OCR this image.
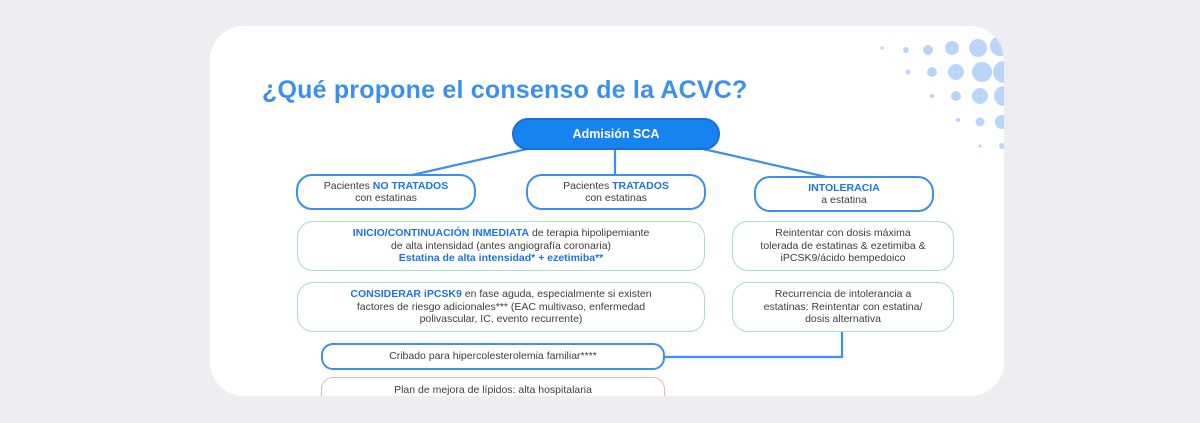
¿Qué propone el consenso de la ACVC?
Admisión SCA
Pacientes NO TRATADOS
con estatinas
Pacientes TRATADOS
con estatinas
INTOLERACIA
a estatina
INICIO/CONTINUACIÓN INMEDIATA de terapia hipolipemiante
de alta intensidad (antes angiografía coronaria)
Estatina de alta intensidad* + ezetimiba**
CONSIDERAR iPCSK9 en fase aguda, especialmente si existen
factores de riesgo adicionales*** (EAC multivaso, enfermedad
polivascular, IC, evento recurrente)
Cribado para hipercolesterolemia familiar****
Plan de mejora de lípidos: alta hospitalaria
Reintentar con dosis máxima
tolerada de estatinas & ezetimiba &
iPCSK9/ácido bempedoico
Recurrencia de intolerancia a
estatinas: Reintentar con estatina/
dosis alternativa
